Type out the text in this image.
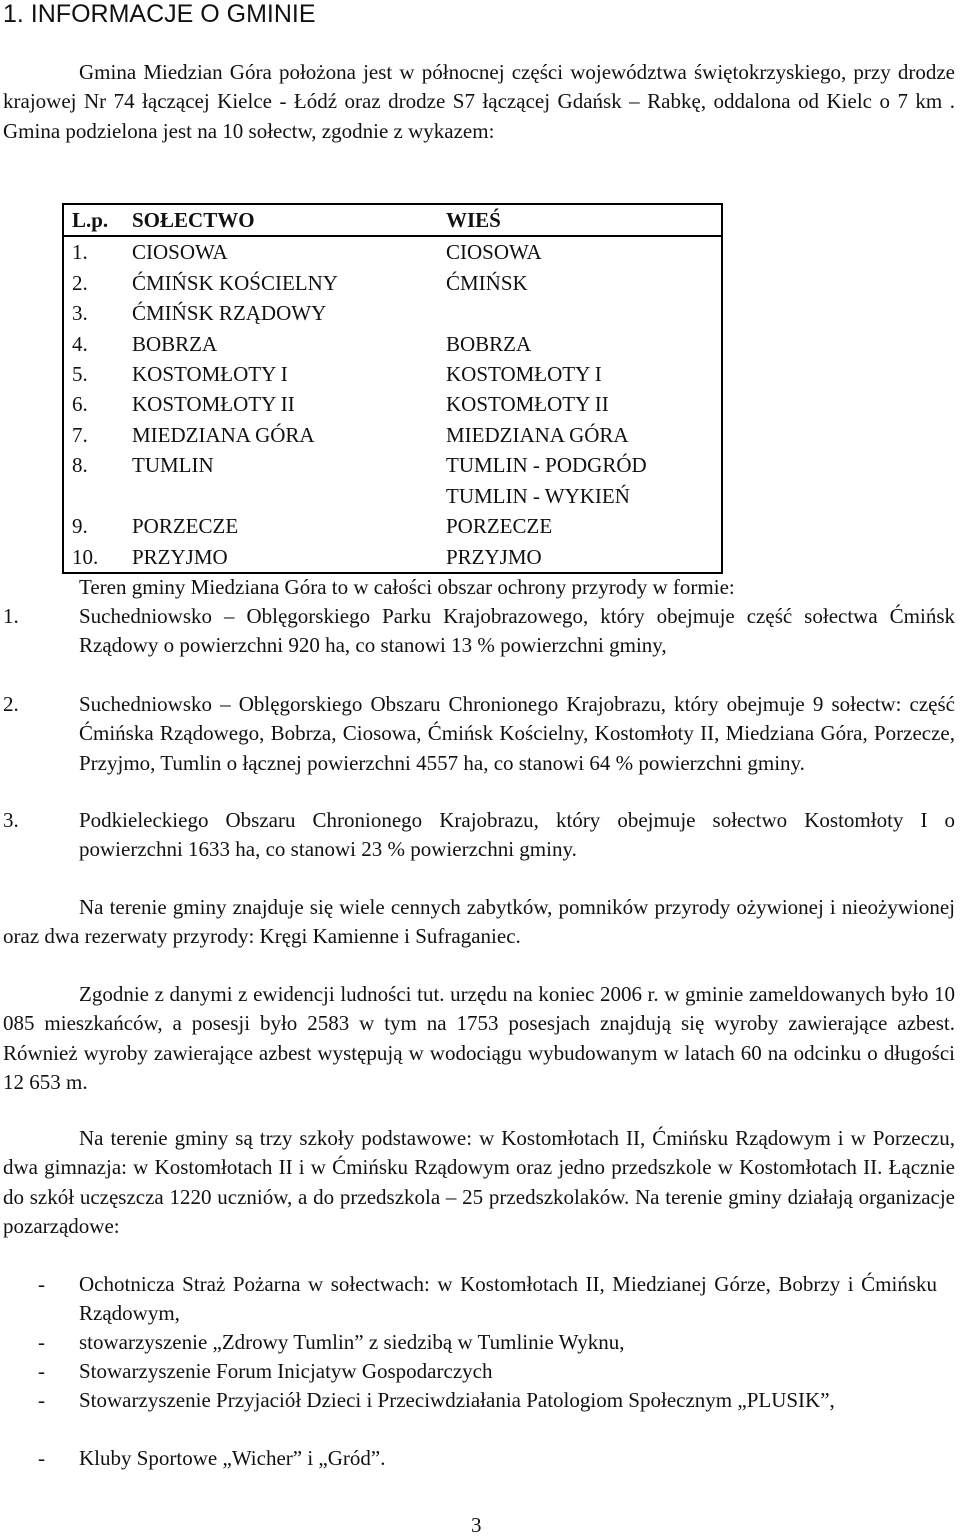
1. INFORMACJE O GMINIE

Gmina Miedzian Góra położona jest w północnej części województwa świętokrzyskiego, przy drodze krajowej Nr 74 łączącej Kielce - Łódź oraz drodze S7 łączącej Gdańsk – Rabkę, oddalona od Kielc o 7 km . Gmina podzielona jest na 10 sołectw, zgodnie z wykazem:

L.p.	SOŁECTWO	WIEŚ
1.	CIOSOWA	CIOSOWA
2.	ĆMIŃSK KOŚCIELNY	ĆMIŃSK
3.	ĆMIŃSK RZĄDOWY	
4.	BOBRZA	BOBRZA
5.	KOSTOMŁOTY I	KOSTOMŁOTY I
6.	KOSTOMŁOTY II	KOSTOMŁOTY II
7.	MIEDZIANA GÓRA	MIEDZIANA GÓRA
8.	TUMLIN	TUMLIN - PODGRÓD
		TUMLIN - WYKIEŃ
9.	PORZECZE	PORZECZE
10.	PRZYJMO	PRZYJMO
Teren gminy Miedziana Góra to w całości obszar ochrony przyrody w formie:
1.	Suchedniowsko – Oblęgorskiego Parku Krajobrazowego, który obejmuje część sołectwa Ćmińsk Rządowy o powierzchni 920 ha, co stanowi 13 % powierzchni gminy,

2.	Suchedniowsko – Oblęgorskiego Obszaru Chronionego Krajobrazu, który obejmuje 9 sołectw: część Ćmińska Rządowego, Bobrza, Ciosowa, Ćmińsk Kościelny, Kostomłoty II, Miedziana Góra, Porzecze, Przyjmo, Tumlin o łącznej powierzchni 4557 ha, co stanowi 64 % powierzchni gminy.

3.	Podkieleckiego Obszaru Chronionego Krajobrazu, który obejmuje sołectwo Kostomłoty I o powierzchni 1633 ha, co stanowi 23 % powierzchni gminy.

Na terenie gminy znajduje się wiele cennych zabytków, pomników przyrody ożywionej i nieożywionej oraz dwa rezerwaty przyrody: Kręgi Kamienne i Sufraganiec.

Zgodnie z danymi z ewidencji ludności tut. urzędu na koniec 2006 r. w gminie zameldowanych było 10 085 mieszkańców, a posesji było 2583 w tym na 1753 posesjach znajdują się wyroby zawierające azbest. Również wyroby zawierające azbest występują w wodociągu wybudowanym w latach 60 na odcinku o długości 12 653 m.

Na terenie gminy są trzy szkoły podstawowe: w Kostomłotach II, Ćmińsku Rządowym i w Porzeczu, dwa gimnazja: w Kostomłotach II i w Ćmińsku Rządowym oraz jedno przedszkole w Kostomłotach II. Łącznie do szkół uczęszcza 1220 uczniów, a do przedszkola – 25 przedszkolaków. Na terenie gminy działają organizacje pozarządowe:

- Ochotnicza Straż Pożarna w sołectwach: w Kostomłotach II, Miedzianej Górze, Bobrzy i Ćmińsku Rządowym,

- stowarzyszenie „Zdrowy Tumlin” z siedzibą w Tumlinie Wyknu,

- Stowarzyszenie Forum Inicjatyw Gospodarczych

- Stowarzyszenie Przyjaciół Dzieci i Przeciwdziałania Patologiom Społecznym „PLUSIK”,

- Kluby Sportowe „Wicher” i „Gród”.

3
